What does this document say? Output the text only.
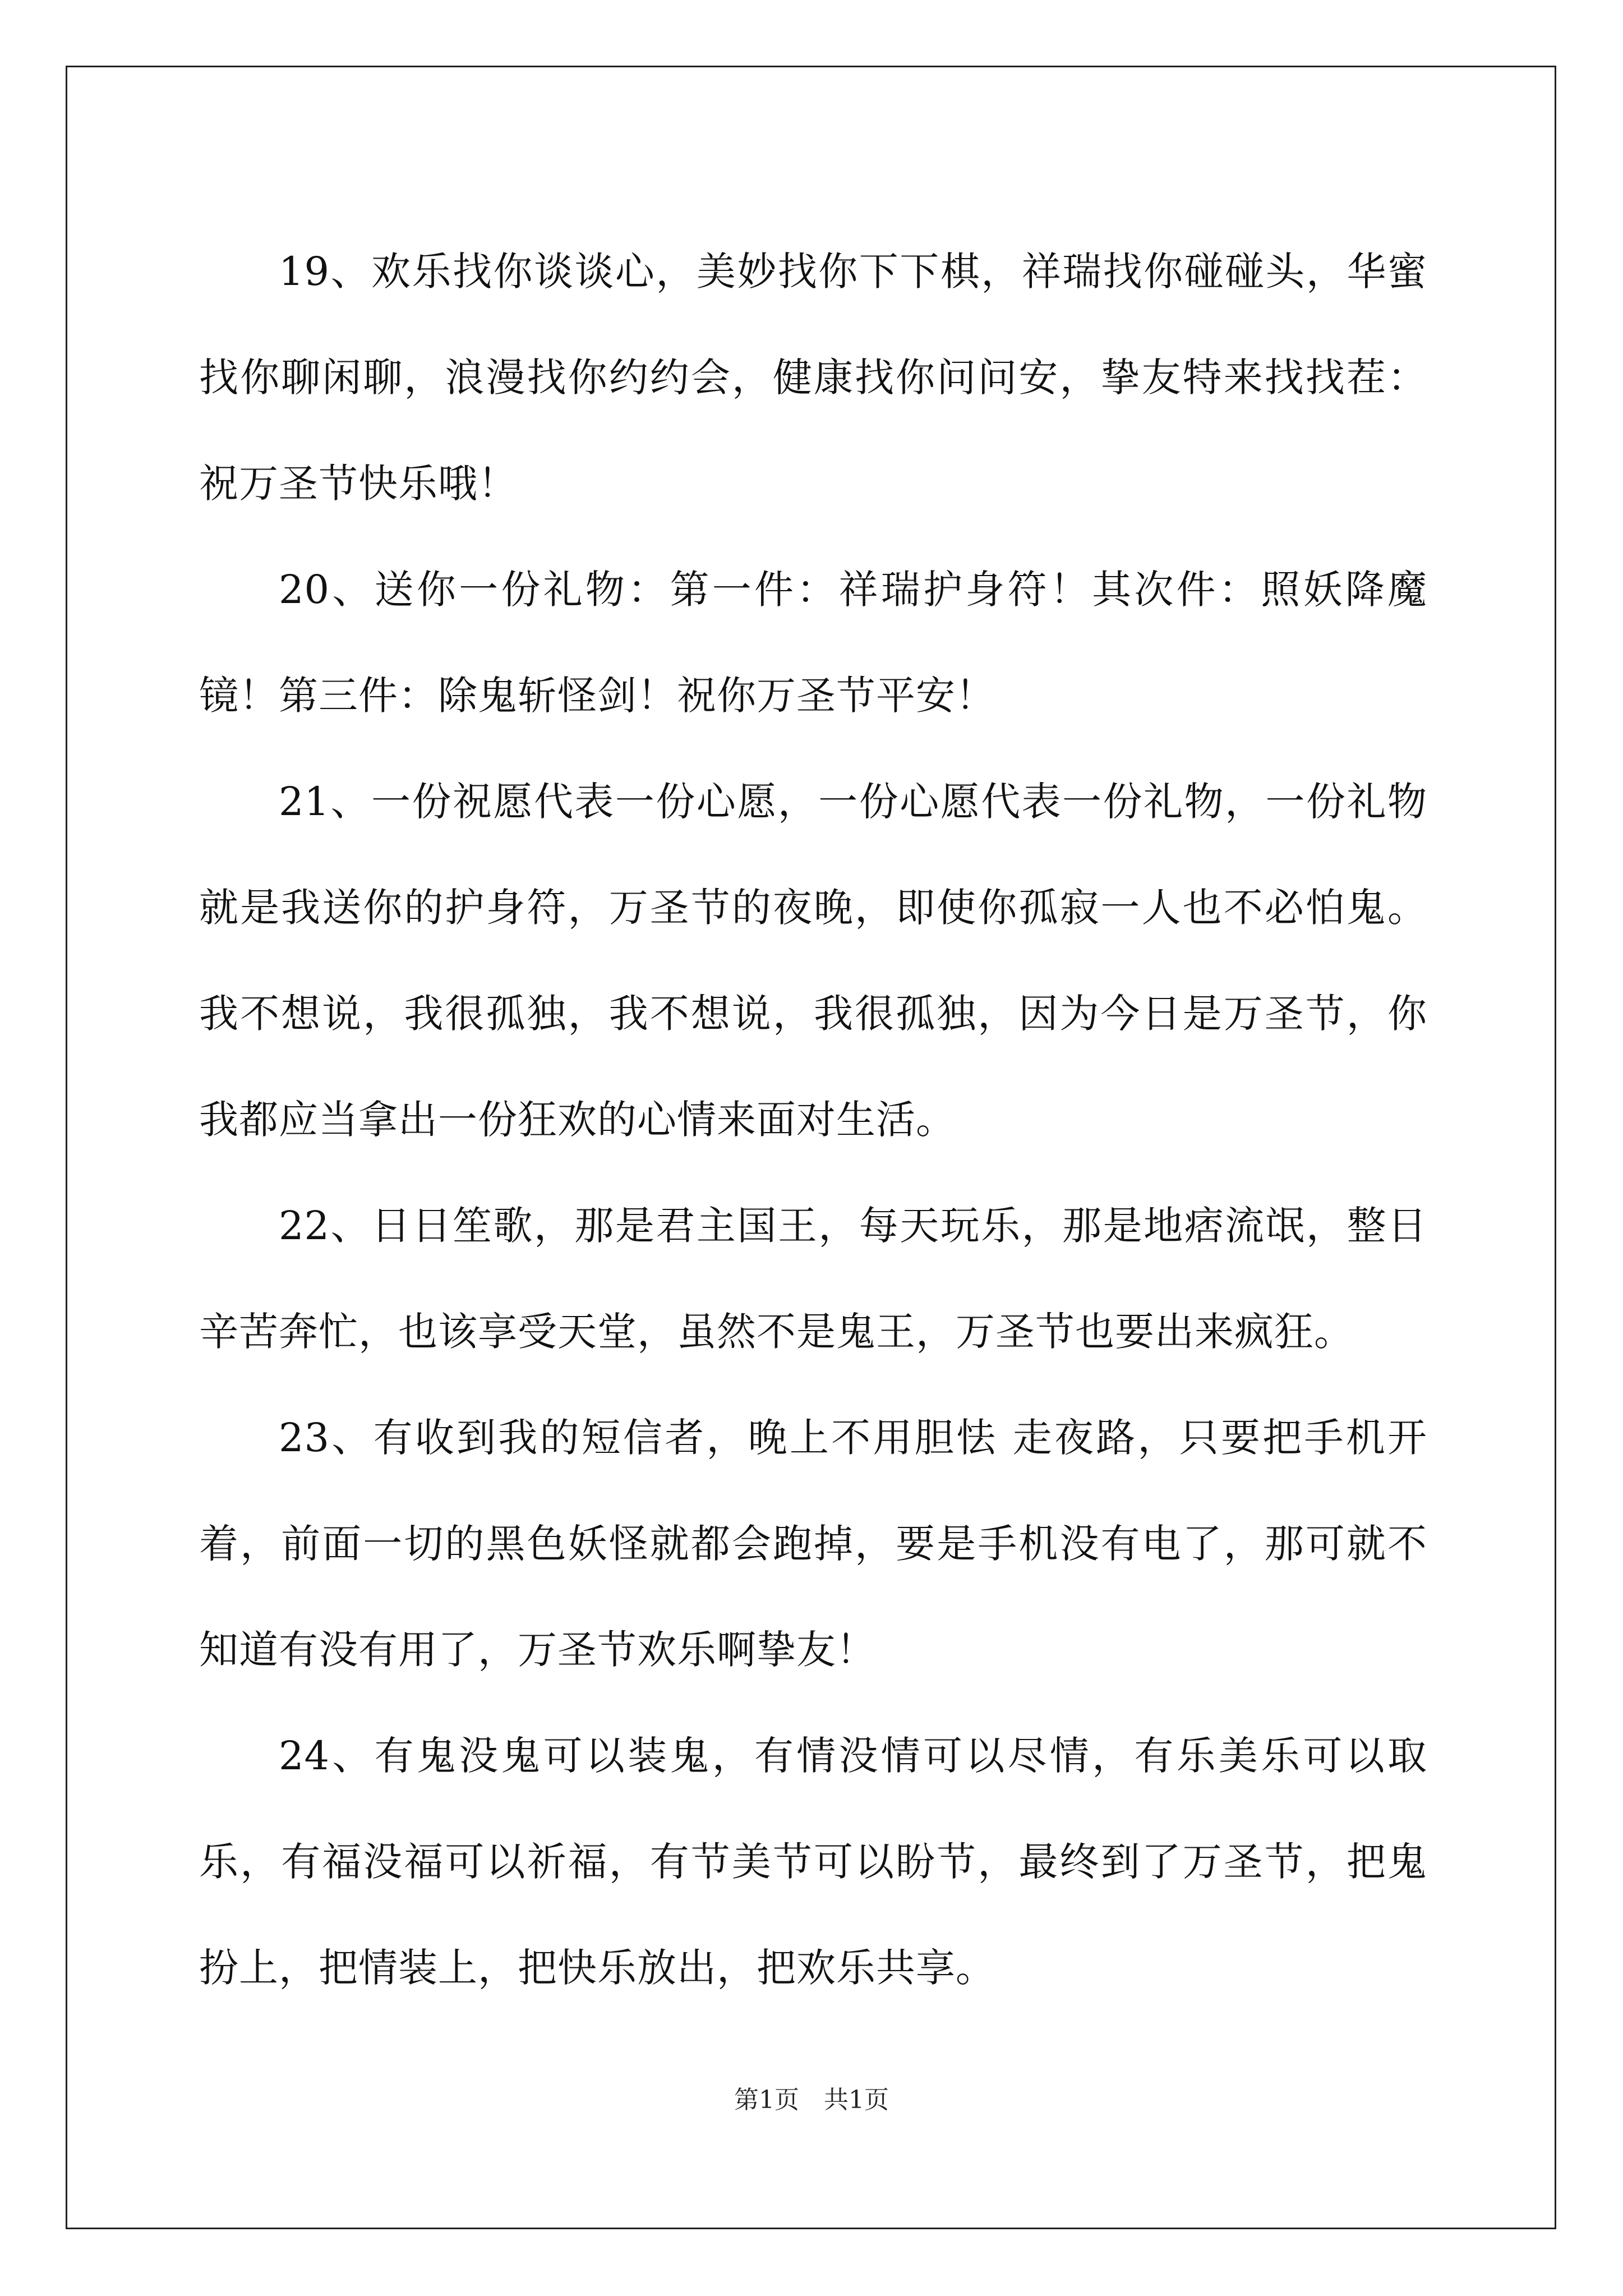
19、欢乐找你谈谈心，美妙找你下下棋，祥瑞找你碰碰头，华蜜找你聊闲聊，浪漫找你约约会，健康找你问问安，挚友特来找找茬：祝万圣节快乐哦！

20、送你一份礼物：第一件：祥瑞护身符！其次件：照妖降魔镜！第三件：除鬼斩怪剑！祝你万圣节平安！

21、一份祝愿代表一份心愿，一份心愿代表一份礼物，一份礼物就是我送你的护身符，万圣节的夜晚，即使你孤寂一人也不必怕鬼。我不想说，我很孤独，我不想说，我很孤独，因为今日是万圣节，你我都应当拿出一份狂欢的心情来面对生活。

22、日日笙歌，那是君主国王，每天玩乐，那是地痞流氓，整日辛苦奔忙，也该享受天堂，虽然不是鬼王，万圣节也要出来疯狂。

23、有收到我的短信者，晚上不用胆怯 走夜路，只要把手机开着，前面一切的黑色妖怪就都会跑掉，要是手机没有电了，那可就不知道有没有用了，万圣节欢乐啊挚友！

24、有鬼没鬼可以装鬼，有情没情可以尽情，有乐美乐可以取乐，有福没福可以祈福，有节美节可以盼节，最终到了万圣节，把鬼扮上，把情装上，把快乐放出，把欢乐共享。

第1页　共1页
